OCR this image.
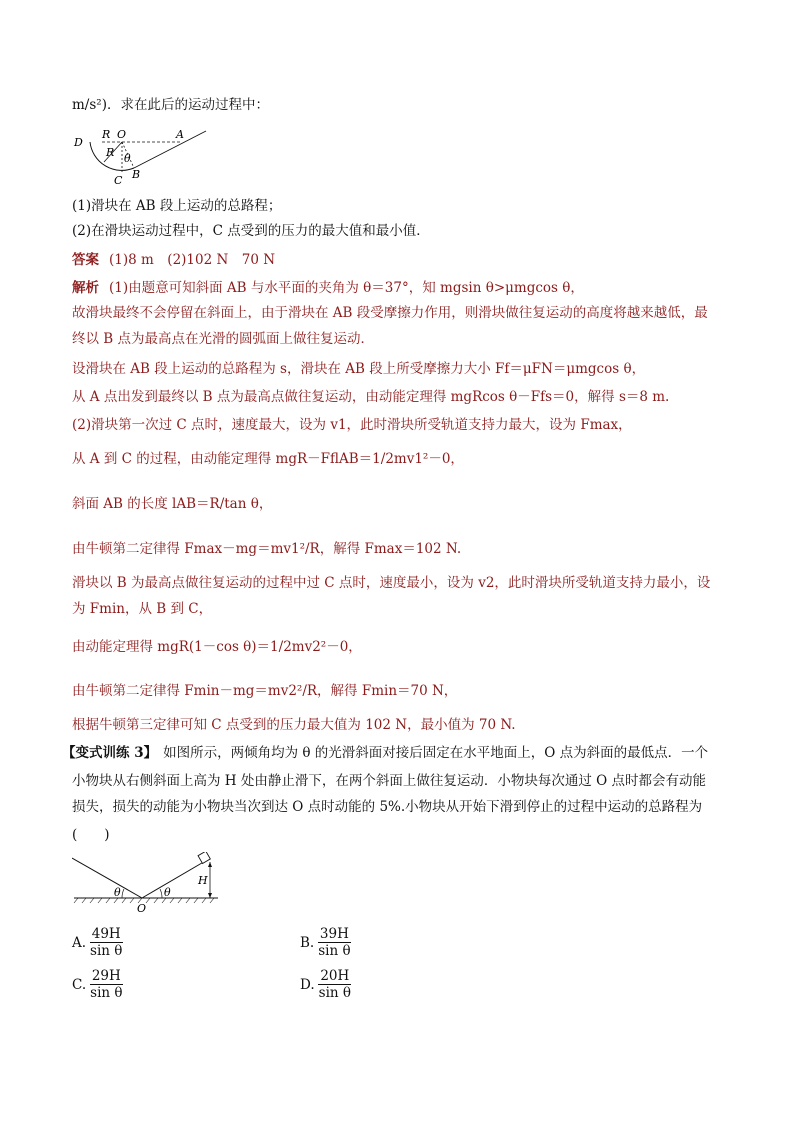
m/s²)．求在此后的运动过程中：
D
R O	A
R θ
C B
(1)滑块在 AB 段上运动的总路程；
(2)在滑块运动过程中，C 点受到的压力的最大值和最小值．
答案 (1)8 m　(2)102 N　70 N
解析 (1)由题意可知斜面 AB 与水平面的夹角为 θ＝37°，知 mgsin θ>μmgcos θ，
故滑块最终不会停留在斜面上，由于滑块在 AB 段受摩擦力作用，则滑块做往复运动的高度将越来越低，最
终以 B 点为最高点在光滑的圆弧面上做往复运动．
设滑块在 AB 段上运动的总路程为 s，滑块在 AB 段上所受摩擦力大小 Ff＝μFN＝μmgcos θ，
从 A 点出发到最终以 B 点为最高点做往复运动，由动能定理得 mgRcos θ－Ffs＝0，解得 s＝8 m.
(2)滑块第一次过 C 点时，速度最大，设为 v1，此时滑块所受轨道支持力最大，设为 Fmax，
从 A 到 C 的过程，由动能定理得 mgR－FflAB＝1/2mv1²－0，
斜面 AB 的长度 lAB＝R/tan θ，
由牛顿第二定律得 Fmax－mg＝mv1²/R，解得 Fmax＝102 N.
滑块以 B 为最高点做往复运动的过程中过 C 点时，速度最小，设为 v2，此时滑块所受轨道支持力最小，设
为 Fmin，从 B 到 C，
由动能定理得 mgR(1－cos θ)＝1/2mv2²－0，
由牛顿第二定律得 Fmin－mg＝mv2²/R，解得 Fmin＝70 N，
根据牛顿第三定律可知 C 点受到的压力最大值为 102 N，最小值为 70 N.
【变式训练 3】 如图所示，两倾角均为 θ 的光滑斜面对接后固定在水平地面上，O 点为斜面的最低点．一个
小物块从右侧斜面上高为 H 处由静止滑下，在两个斜面上做往复运动．小物块每次通过 O 点时都会有动能
损失，损失的动能为小物块当次到达 O 点时动能的 5%.小物块从开始下滑到停止的过程中运动的总路程为
(　　)
θ	θ
O
H
A. $\frac{49H}{\text{sin θ}}$	B. $\frac{39H}{\text{sin θ}}$
C. $\frac{29H}{\text{sin θ}}$	D. $\frac{20H}{\text{sin θ}}$
